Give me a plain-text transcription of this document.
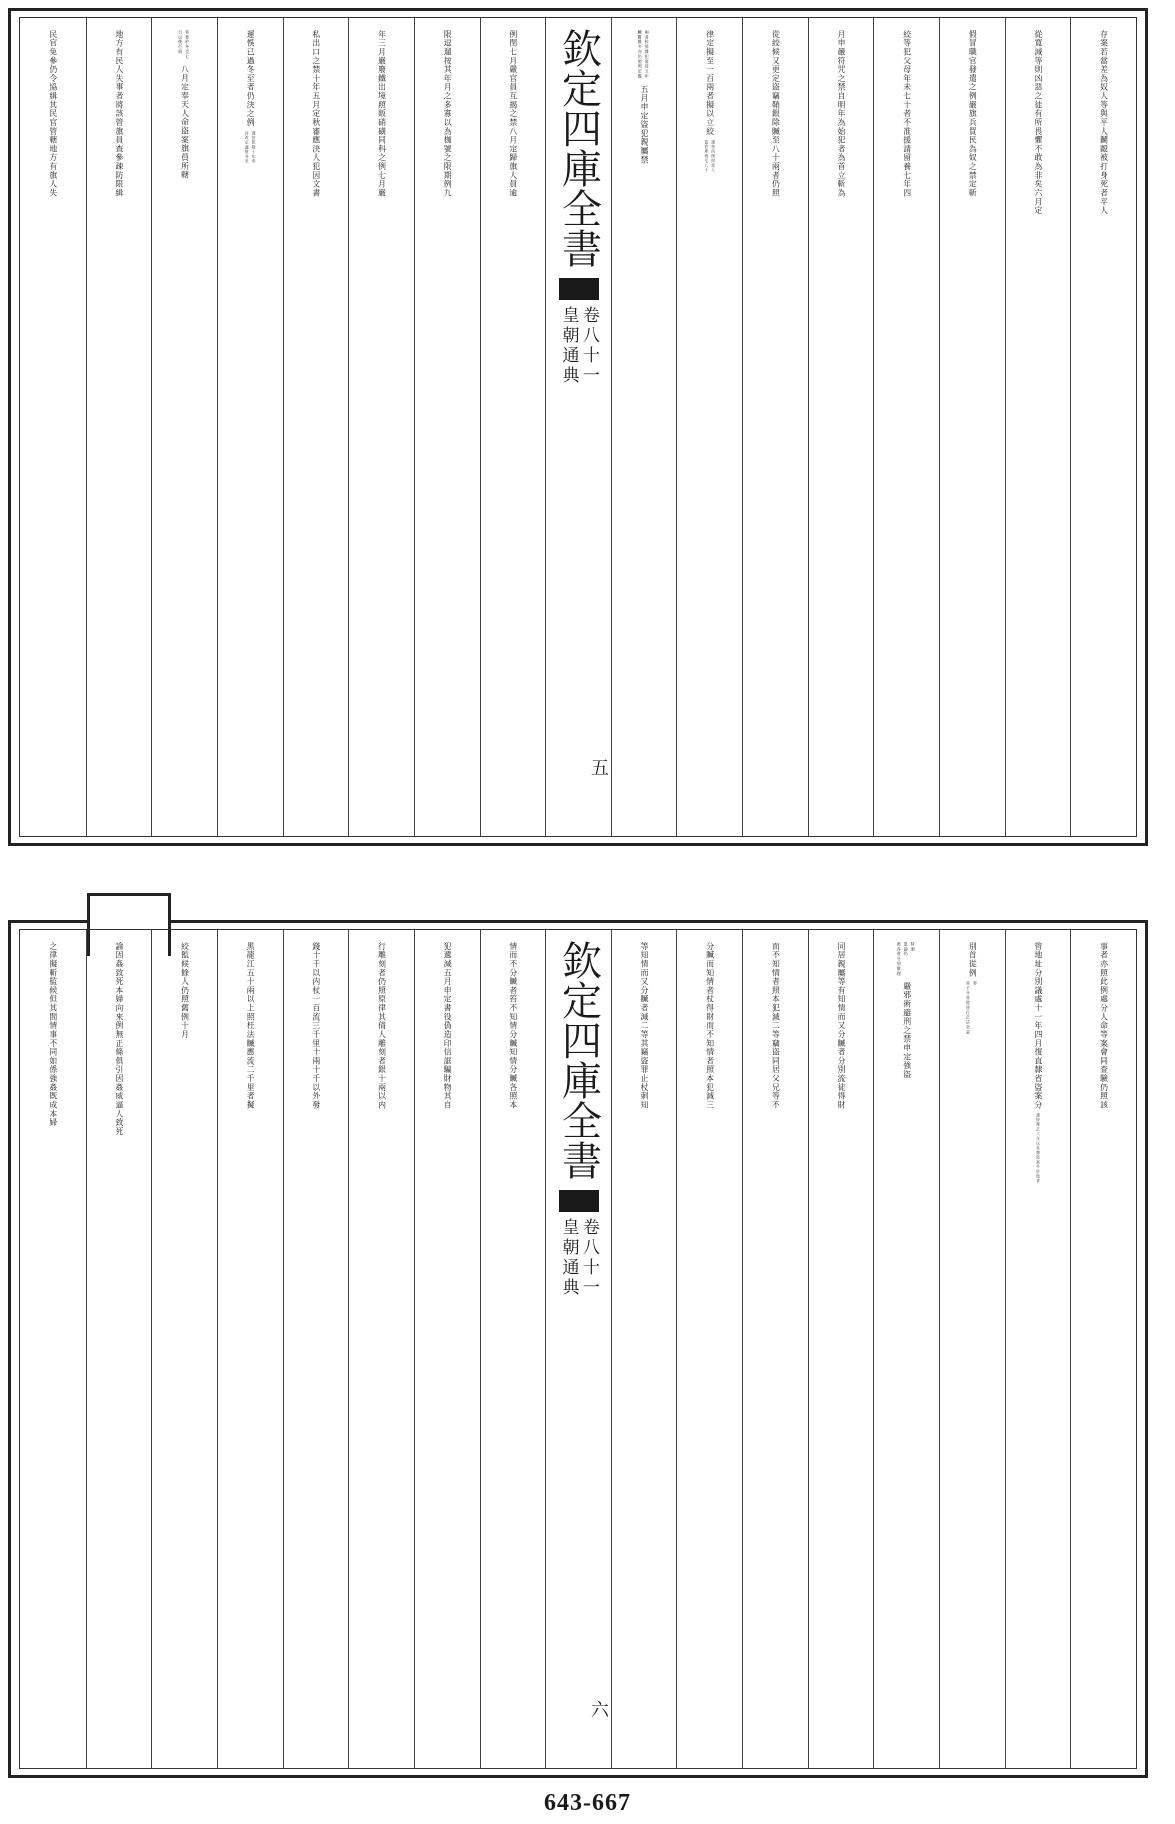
存案若當差為奴人等與平人鬬毆被打身死者平人
從寛減等則凶惡之徒有所畏懼不敢為非矣六月定
假冒職官發遣之例嚴旗兵買民為奴之禁定斬
絞等犯父母年未七十者不准援請留養七年四
月申嚴符咒之禁自明年為始犯者為首立斬為
從絞候又更定盜竊鞘銀除贓至八十兩者仍照
律定擬至一百兩者擬以立絞
謹按向例照常人
盜倉庫例至八十
兩者絞係雜犯准徒五年
贓數雖多亦仍照例定擬
五月申定盜犯親屬禁
欽定四庫全書
皇朝通典卷八十一
五
例閏七月嚴官員互揭之禁八月定歸旗人員逾
限逗遛按其年月之多寡以為枷號之限期例九
年三月嚴廢鐵出境照販硝磺同科之例七月嚴
私出口之禁十年五月定秋審應決人犯因文書
遲悞已過冬至者仍決之例
謹按乾隆十年奉
旨改定適值冬至
者著於冬至七
日以後行刑
八月定奉天人命盜案旗員所轄
地方有民人失事者將該管旗員查參疎防限緝
民官免參仍令協緝其民官管轄地方有旗人失
事者亦照此例處分人命等案會同查驗仍照該
管地址分別議處十一年四月復直隸省盜案分
謹按雍正八年以直隸盜案多於他省
別首從例
奉
旨不分首從皆行正法至是
特頒
恩諭仍
照各省分別辦理
嚴邪術避刑之禁申定強盜
同居親屬等有知情而又分贓者分別流徒得財
而不知情者照本犯減二等竊盜同居父兄等不
分贓而知情者杖得財而不知情者照本犯減三
等知情而又分贓者減二等其竊盜罪止杖刺知
欽定四庫全書
皇朝通典卷八十一
六
情而不分贓者笞不知情分贓知情分贓各照本
犯遞減五月申定書役偽造印信誆騙財物其自
行雕刻者仍照原律其倩人雕刻者銀十兩以内
錢十千以内杖一百流三千里十兩十千以外發
黑龍江五十兩以上照枉法贓應流二千里者擬
絞監候餘人仍照舊例十月
諭因姦致死本婦向來例無正條俱引因姦威逼人致死
之律擬斬監候但其間情事不同如係強姦既成本婦
643-667
